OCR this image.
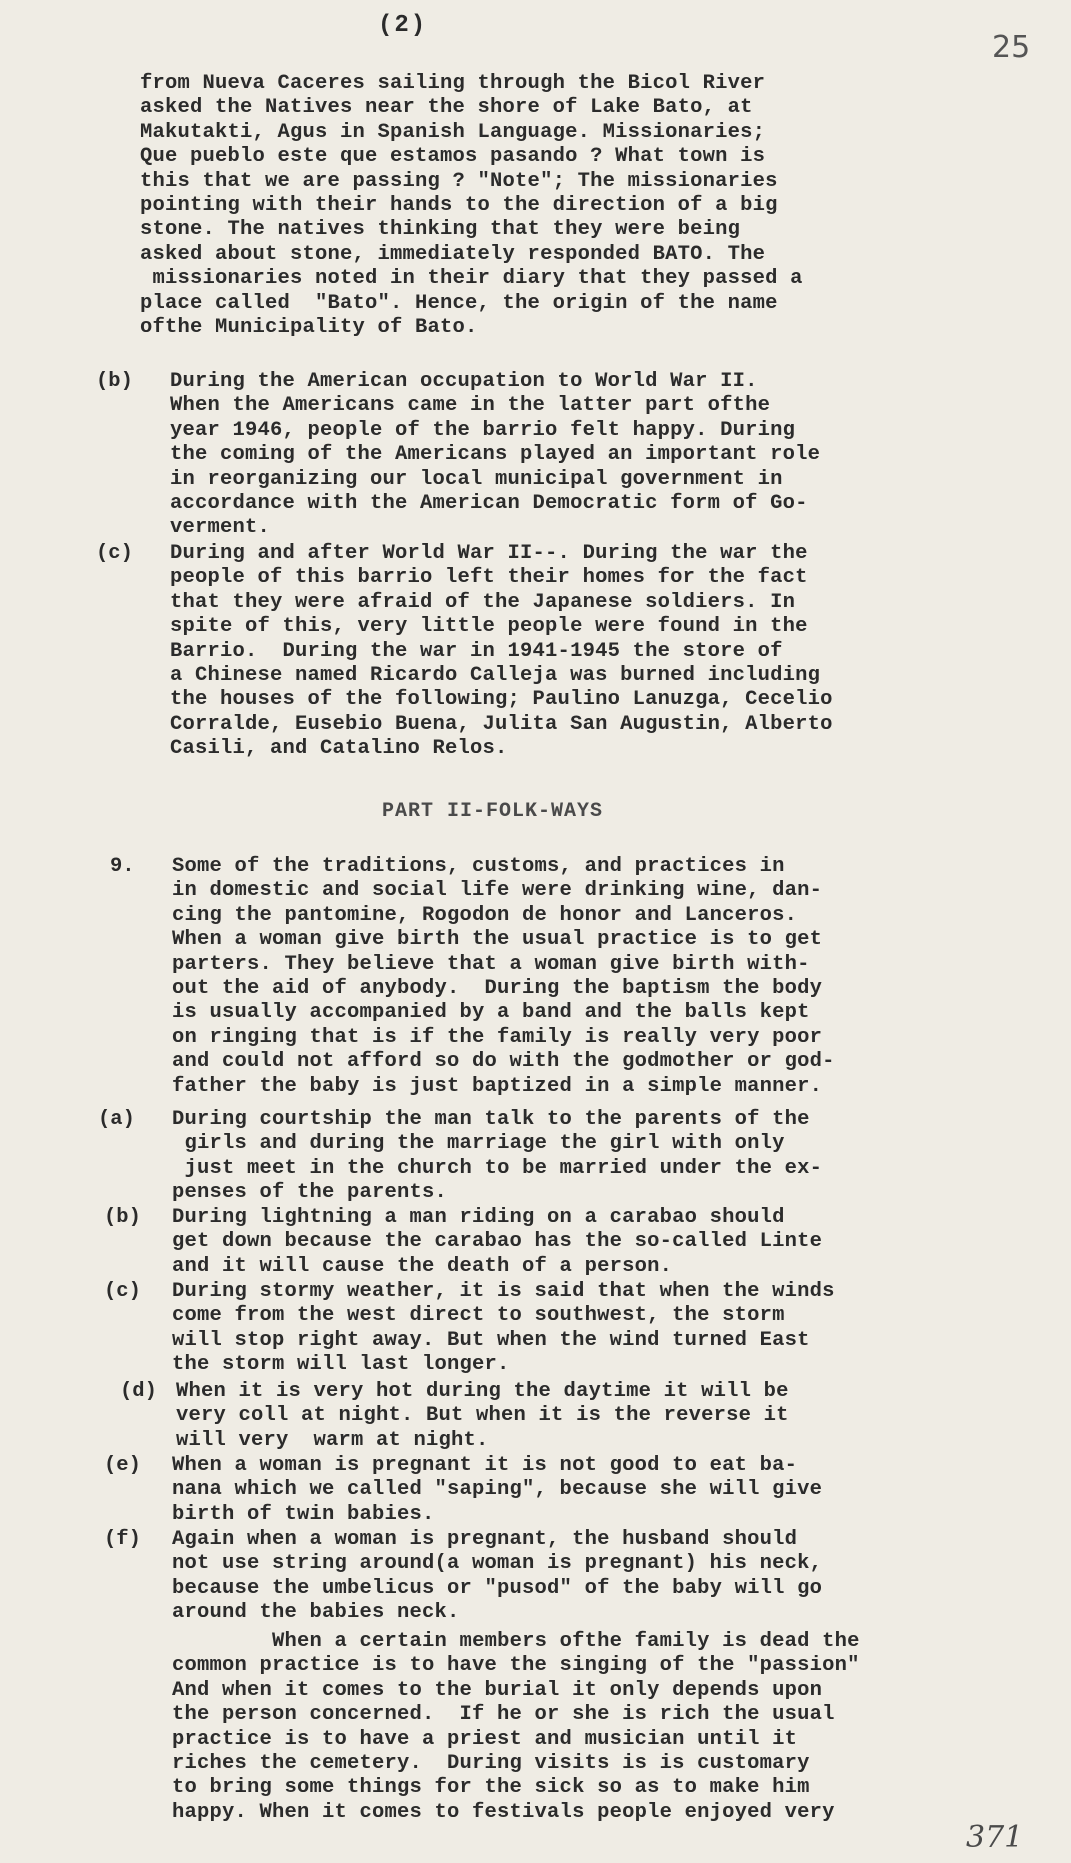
(2)
25
from Nueva Caceres sailing through the Bicol River
asked the Natives near the shore of Lake Bato, at
Makutakti, Agus in Spanish Language. Missionaries;
Que pueblo este que estamos pasando ? What town is
this that we are passing ? "Note"; The missionaries
pointing with their hands to the direction of a big
stone. The natives thinking that they were being
asked about stone, immediately responded BATO. The
missionaries noted in their diary that they passed a
place called  "Bato". Hence, the origin of the name
ofthe Municipality of Bato.
(b) During the American occupation to World War II.
When the Americans came in the latter part ofthe
year 1946, people of the barrio felt happy. During
the coming of the Americans played an important role
in reorganizing our local municipal government in
accordance with the American Democratic form of Go-
verment.
(c) During and after World War II--. During the war the
people of this barrio left their homes for the fact
that they were afraid of the Japanese soldiers. In
spite of this, very little people were found in the
Barrio.  During the war in 1941-1945 the store of
a Chinese named Ricardo Calleja was burned including
the houses of the following; Paulino Lanuzga, Cecelio
Corralde, Eusebio Buena, Julita San Augustin, Alberto
Casili, and Catalino Relos.
PART II-FOLK-WAYS
9. Some of the traditions, customs, and practices in
in domestic and social life were drinking wine, dan-
cing the pantomine, Rogodon de honor and Lanceros.
When a woman give birth the usual practice is to get
parters. They believe that a woman give birth with-
out the aid of anybody.  During the baptism the body
is usually accompanied by a band and the balls kept
on ringing that is if the family is really very poor
and could not afford so do with the godmother or god-
father the baby is just baptized in a simple manner.
(a) During courtship the man talk to the parents of the
girls and during the marriage the girl with only
just meet in the church to be married under the ex-
penses of the parents.
(b) During lightning a man riding on a carabao should
get down because the carabao has the so-called Linte
and it will cause the death of a person.
(c) During stormy weather, it is said that when the winds
come from the west direct to southwest, the storm
will stop right away. But when the wind turned East
the storm will last longer.
(d) When it is very hot during the daytime it will be
very coll at night. But when it is the reverse it
will very  warm at night.
(e) When a woman is pregnant it is not good to eat ba-
nana which we called "saping", because she will give
birth of twin babies.
(f) Again when a woman is pregnant, the husband should
not use string around(a woman is pregnant) his neck,
because the umbelicus or "pusod" of the baby will go
around the babies neck.
When a certain members ofthe family is dead the
common practice is to have the singing of the "passion"
And when it comes to the burial it only depends upon
the person concerned.  If he or she is rich the usual
practice is to have a priest and musician until it
riches the cemetery.  During visits is is customary
to bring some things for the sick so as to make him
happy. When it comes to festivals people enjoyed very
371
